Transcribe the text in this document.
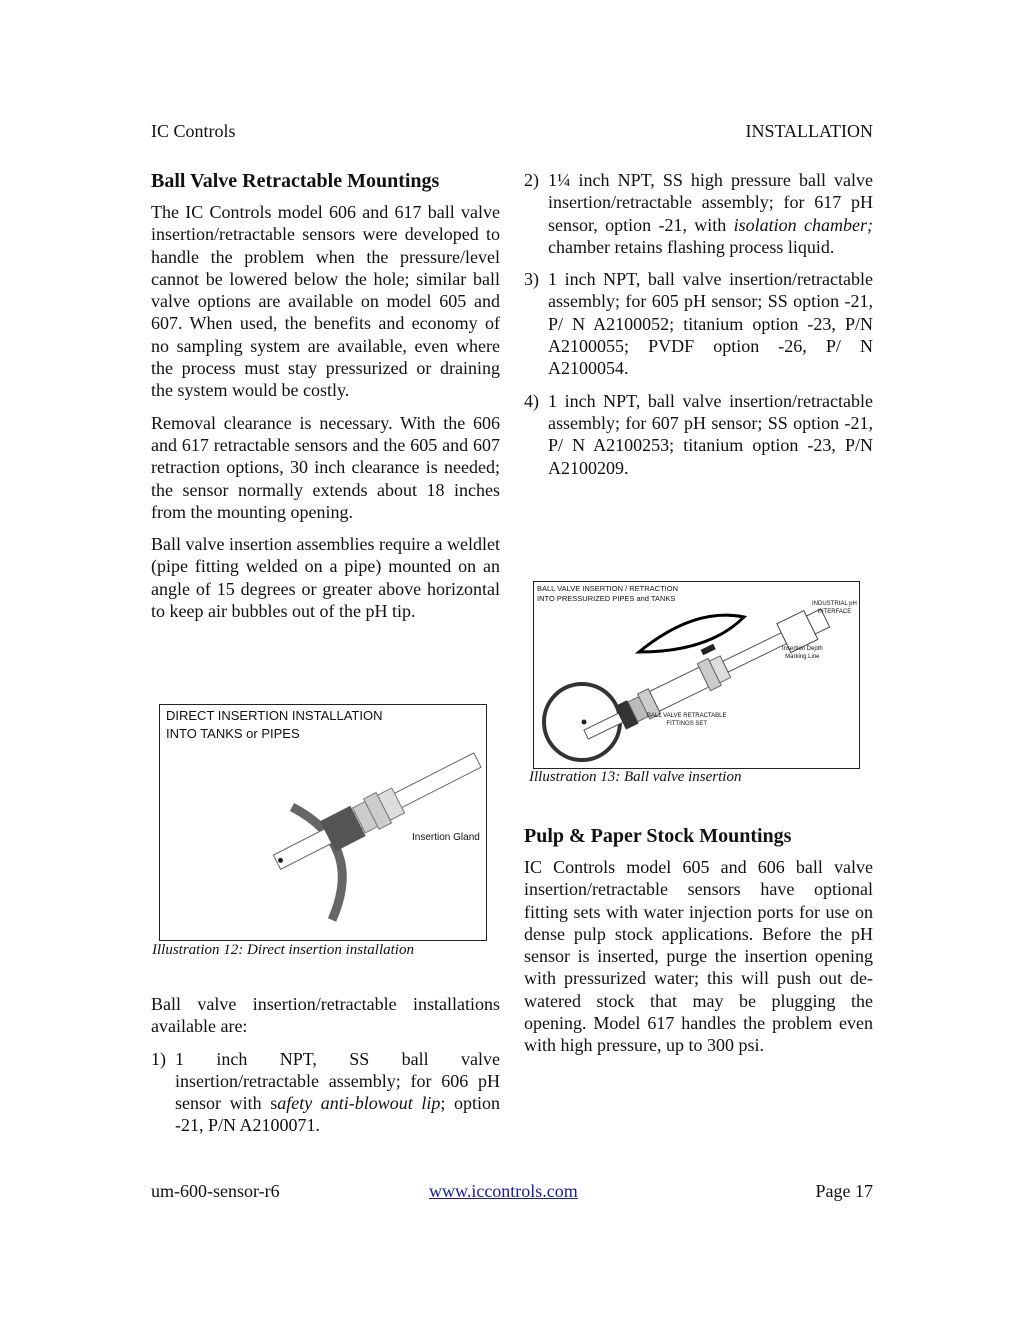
IC Controls	INSTALLATION
Ball Valve Retractable Mountings

The IC Controls model 606 and 617 ball valve insertion/retractable sensors were developed to handle the problem when the pressure/level cannot be lowered below the hole; similar ball valve options are available on model 605 and 607. When used, the benefits and economy of no sampling system are available, even where the process must stay pressurized or draining the system would be costly.

Removal clearance is necessary. With the 606 and 617 retractable sensors and the 605 and 607 retraction options, 30 inch clearance is needed; the sensor normally extends about 18 inches from the mounting opening.

Ball valve insertion assemblies require a weldlet (pipe fitting welded on a pipe) mounted on an angle of 15 degrees or greater above horizontal to keep air bubbles out of the pH tip.

DIRECT INSERTION INSTALLATION
INTO TANKS or PIPES
Insertion Gland
Illustration 12: Direct insertion installation

Ball valve insertion/retractable installations available are:

1) 1 inch NPT, SS ball valve insertion/retractable assembly; for 606 pH sensor with safety anti-blowout lip; option -21, P/N A2100071.
2) 1¼ inch NPT, SS high pressure ball valve insertion/retractable assembly; for 617 pH sensor, option -21, with isolation chamber; chamber retains flashing process liquid.
3) 1 inch NPT, ball valve insertion/retractable assembly; for 605 pH sensor; SS option -21, P/ N A2100052; titanium option -23, P/N A2100055; PVDF option -26, P/ N A2100054.
4) 1 inch NPT, ball valve insertion/retractable assembly; for 607 pH sensor; SS option -21, P/ N A2100253; titanium option -23, P/N A2100209.
BALL VALVE INSERTION / RETRACTION
INTO PRESSURIZED PIPES and TANKS
INDUSTRIAL pH
INTERFACE
Insertion Depth
Marking Line
BALL VALVE RETRACTABLE
FITTINGS SET
Illustration 13: Ball valve insertion
Pulp & Paper Stock Mountings

IC Controls model 605 and 606 ball valve insertion/retractable sensors have optional fitting sets with water injection ports for use on dense pulp stock applications. Before the pH sensor is inserted, purge the insertion opening with pressurized water; this will push out de-watered stock that may be plugging the opening. Model 617 handles the problem even with high pressure, up to 300 psi.

um-600-sensor-r6	www.iccontrols.com	Page 17
